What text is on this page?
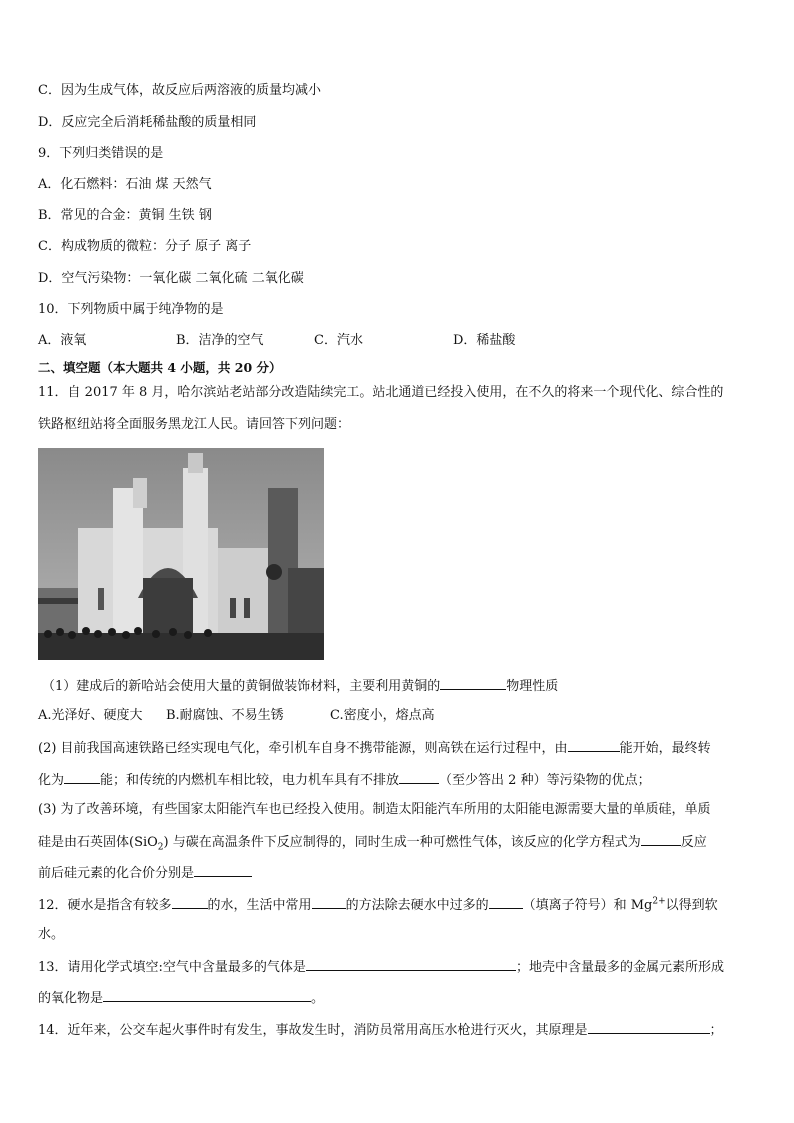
C．因为生成气体，故反应后两溶液的质量均减小
D．反应完全后消耗稀盐酸的质量相同
9．下列归类错误的是
A．化石燃料：石油 煤 天然气
B．常见的合金：黄铜 生铁 钢
C．构成物质的微粒：分子 原子 离子
D．空气污染物：一氧化碳 二氧化硫 二氧化碳
10．下列物质中属于纯净物的是
A．液氧	B．洁净的空气	C．汽水	D．稀盐酸
二、填空题（本大题共 4 小题，共 20 分）
11．自 2017 年 8 月，哈尔滨站老站部分改造陆续完工。站北通道已经投入使用，在不久的将来一个现代化、综合性的
铁路枢纽站将全面服务黑龙江人民。请回答下列问题：
（1）建成后的新哈站会使用大量的黄铜做装饰材料，主要利用黄铜的	物理性质
A.光泽好、硬度大 B.耐腐蚀、不易生锈	C.密度小，熔点高
(2) 目前我国高速铁路已经实现电气化，牵引机车自身不携带能源，则高铁在运行过程中，由	能开始，最终转
化为	能；和传统的内燃机车相比较，电力机车具有不排放	（至少答出 2 种）等污染物的优点；
(3) 为了改善环境，有些国家太阳能汽车也已经投入使用。制造太阳能汽车所用的太阳能电源需要大量的单质硅，单质
硅是由石英固体(SiO$_2$) 与碳在高温条件下反应制得的，同时生成一种可燃性气体，该反应的化学方程式为	反应
前后硅元素的化合价分别是
12．硬水是指含有较多	的水，生活中常用	的方法除去硬水中过多的	（填离子符号）和 $Mg^{2+}$以得到软
水。
13．请用化学式填空:空气中含量最多的气体是	；地壳中含量最多的金属元素所形成
的氧化物是	。
14．近年来，公交车起火事件时有发生，事故发生时，消防员常用高压水枪进行灭火，其原理是	；
